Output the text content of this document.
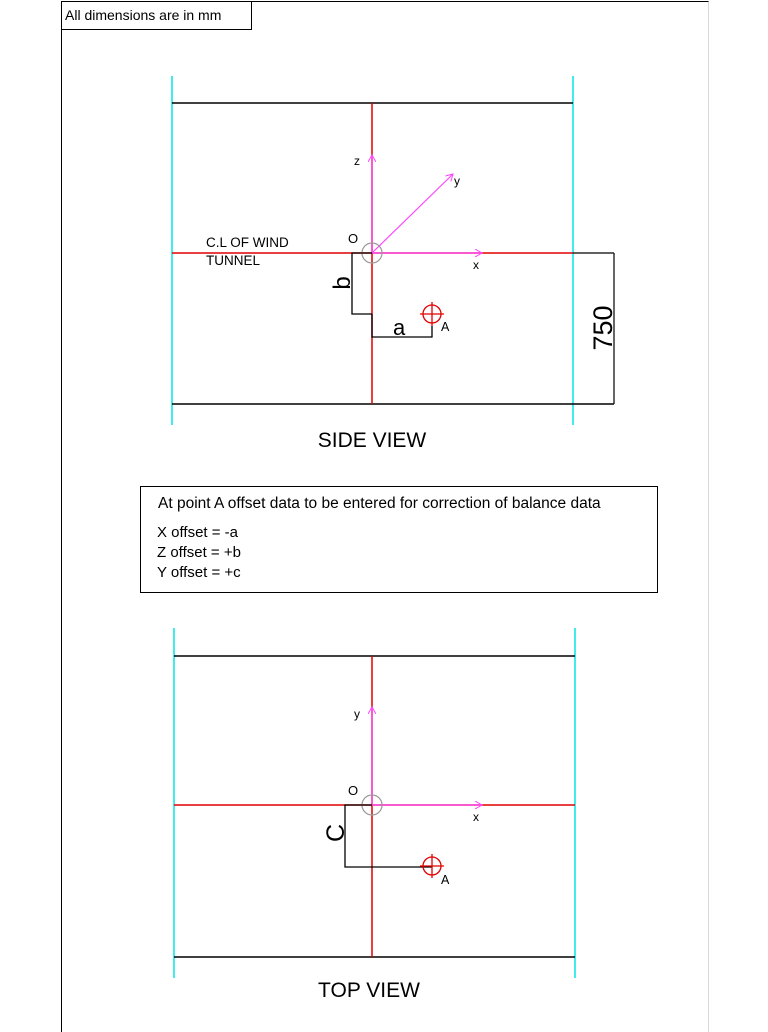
All dimensions are in mm
750
z
y
x
O
C.L OF WIND
TUNNEL
b
a	A
SIDE VIEW
y
x
O
C
A
TOP VIEW
At point A offset data to be entered for correction of balance data
X offset = -a
Z offset = +b
Y offset = +c
